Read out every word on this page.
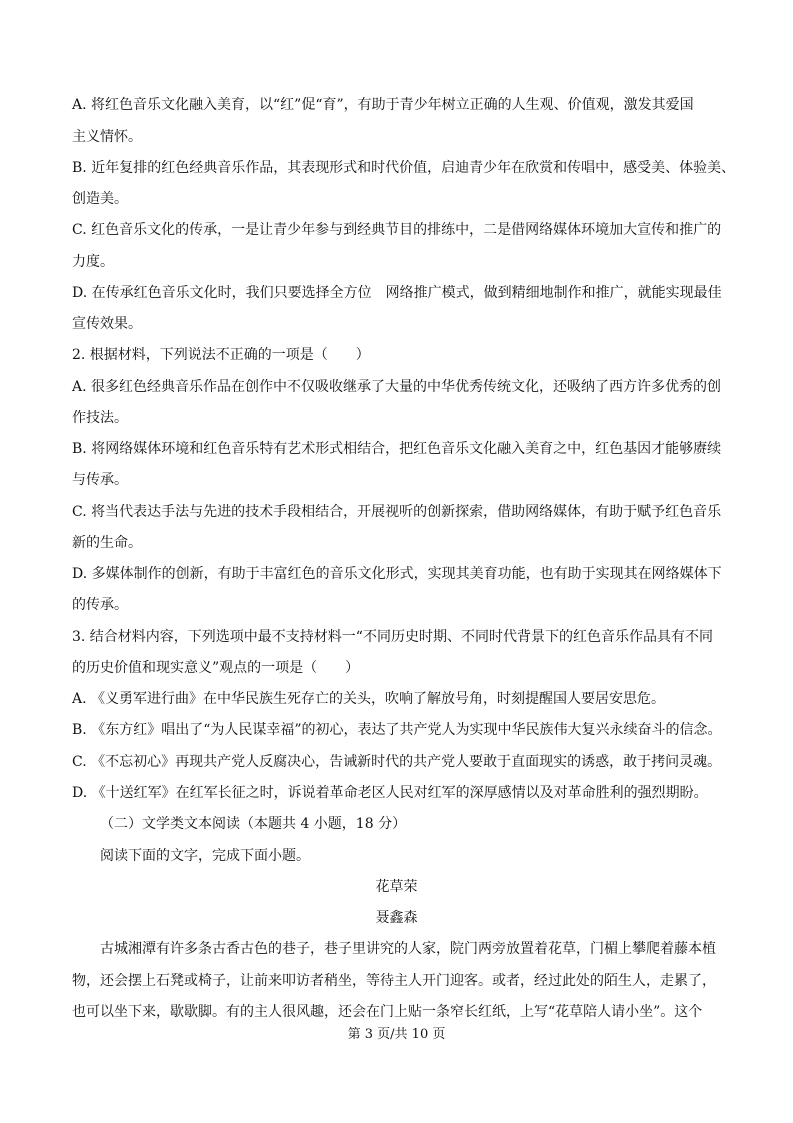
A. 将红色音乐文化融入美育，以“红”促“育”，有助于青少年树立正确的人生观、价值观，激发其爱国
主义情怀。
B. 近年复排的红色经典音乐作品，其表现形式和时代价值，启迪青少年在欣赏和传唱中，感受美、体验美、
创造美。
C. 红色音乐文化的传承，一是让青少年参与到经典节目的排练中，二是借网络媒体环境加大宣传和推广的
力度。
D. 在传承红色音乐文化时，我们只要选择全方位　网络推广模式，做到精细地制作和推广，就能实现最佳
宣传效果。
2. 根据材料，下列说法不正确的一项是（　　）
A. 很多红色经典音乐作品在创作中不仅吸收继承了大量的中华优秀传统文化，还吸纳了西方许多优秀的创
作技法。
B. 将网络媒体环境和红色音乐特有艺术形式相结合，把红色音乐文化融入美育之中，红色基因才能够赓续
与传承。
C. 将当代表达手法与先进的技术手段相结合，开展视听的创新探索，借助网络媒体，有助于赋予红色音乐
新的生命。
D. 多媒体制作的创新，有助于丰富红色的音乐文化形式，实现其美育功能，也有助于实现其在网络媒体下
的传承。
3. 结合材料内容，下列选项中最不支持材料一“不同历史时期、不同时代背景下的红色音乐作品具有不同
的历史价值和现实意义”观点的一项是（　　）
A. 《义勇军进行曲》在中华民族生死存亡的关头，吹响了解放号角，时刻提醒国人要居安思危。
B. 《东方红》唱出了“为人民谋幸福”的初心，表达了共产党人为实现中华民族伟大复兴永续奋斗的信念。
C. 《不忘初心》再现共产党人反腐决心，告诫新时代的共产党人要敢于直面现实的诱惑，敢于拷问灵魂。
D. 《十送红军》在红军长征之时，诉说着革命老区人民对红军的深厚感情以及对革命胜利的强烈期盼。
（二）文学类文本阅读（本题共 4 小题，18 分）
阅读下面的文字，完成下面小题。
花草荣
聂鑫森
　　古城湘潭有许多条古香古色的巷子，巷子里讲究的人家，院门两旁放置着花草，门楣上攀爬着藤本植
物，还会摆上石凳或椅子，让前来叩访者稍坐，等待主人开门迎客。或者，经过此处的陌生人，走累了，
也可以坐下来，歇歇脚。有的主人很风趣，还会在门上贴一条窄长红纸，上写“花草陪人请小坐”。这个
第 3 页/共 10 页
